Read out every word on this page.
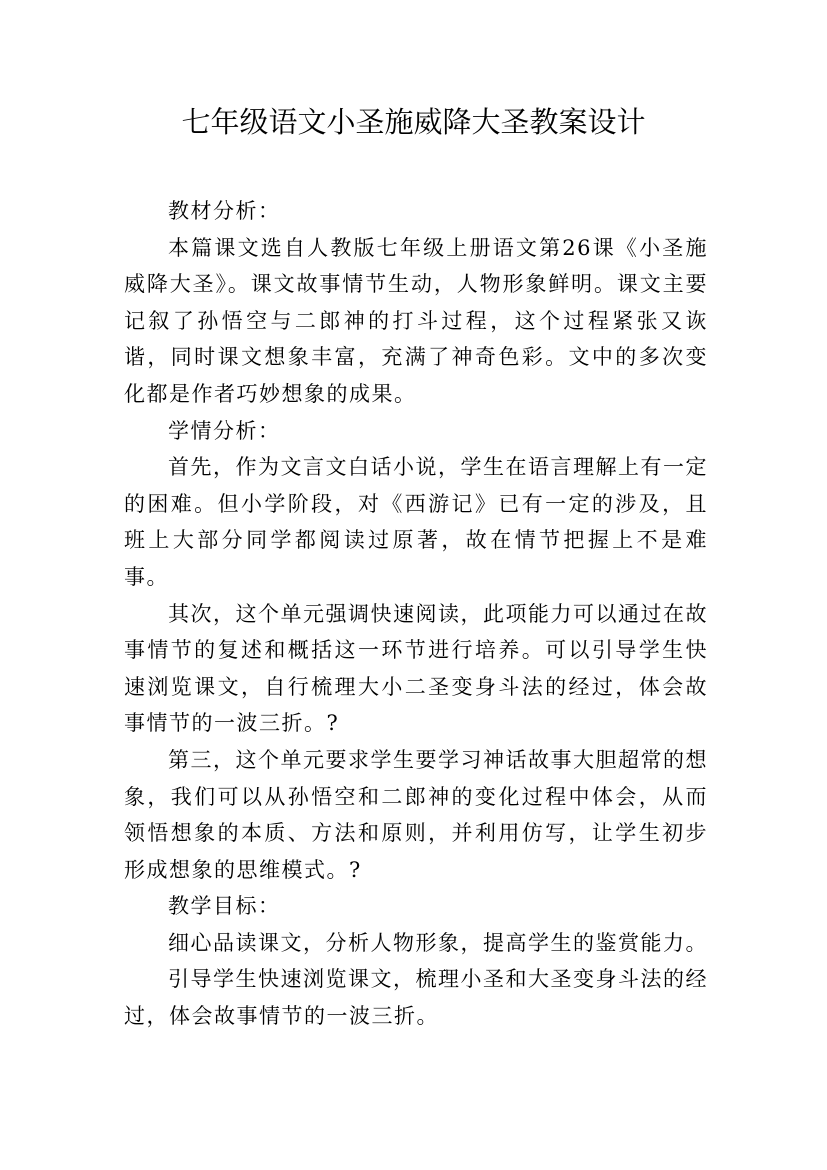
七年级语文小圣施威降大圣教案设计

教材分析：

本篇课文选自人教版七年级上册语文第26课《小圣施威降大圣》。课文故事情节生动，人物形象鲜明。课文主要记叙了孙悟空与二郎神的打斗过程，这个过程紧张又诙谐，同时课文想象丰富，充满了神奇色彩。文中的多次变化都是作者巧妙想象的成果。

学情分析：

首先，作为文言文白话小说，学生在语言理解上有一定的困难。但小学阶段，对《西游记》已有一定的涉及，且班上大部分同学都阅读过原著，故在情节把握上不是难事。

其次，这个单元强调快速阅读，此项能力可以通过在故事情节的复述和概括这一环节进行培养。可以引导学生快速浏览课文，自行梳理大小二圣变身斗法的经过，体会故事情节的一波三折。?

第三，这个单元要求学生要学习神话故事大胆超常的想象，我们可以从孙悟空和二郎神的变化过程中体会，从而领悟想象的本质、方法和原则，并利用仿写，让学生初步形成想象的思维模式。?

教学目标：

细心品读课文，分析人物形象，提高学生的鉴赏能力。

引导学生快速浏览课文，梳理小圣和大圣变身斗法的经过，体会故事情节的一波三折。
